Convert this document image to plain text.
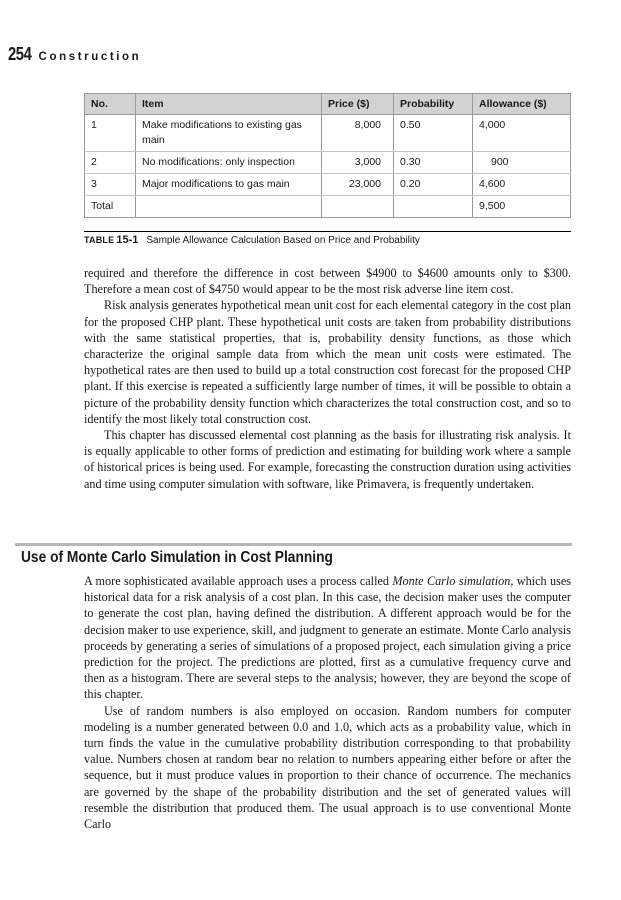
254 Construction
No.	Item	Price ($)	Probability	Allowance ($)
1	Make modifications to existing gas main	8,000	0.50	4,000
2	No modifications: only inspection	3,000	0.30	900
3	Major modifications to gas main	23,000	0.20	4,600
Total				9,500
TABLE 15-1 Sample Allowance Calculation Based on Price and Probability

required and therefore the difference in cost between $4900 to $4600 amounts only to $300. Therefore a mean cost of $4750 would appear to be the most risk adverse line item cost.

Risk analysis generates hypothetical mean unit cost for each elemental category in the cost plan for the proposed CHP plant. These hypothetical unit costs are taken from probability distributions with the same statistical properties, that is, probability density functions, as those which characterize the original sample data from which the mean unit costs were estimated. The hypothetical rates are then used to build up a total construction cost forecast for the proposed CHP plant. If this exercise is repeated a sufficiently large number of times, it will be possible to obtain a picture of the probability density function which characterizes the total construction cost, and so to identify the most likely total construction cost.

This chapter has discussed elemental cost planning as the basis for illustrating risk analysis. It is equally applicable to other forms of prediction and estimating for building work where a sample of historical prices is being used. For example, forecasting the construction duration using activities and time using computer simulation with software, like Primavera, is frequently undertaken.

Use of Monte Carlo Simulation in Cost Planning

A more sophisticated available approach uses a process called Monte Carlo simulation, which uses historical data for a risk analysis of a cost plan. In this case, the decision maker uses the computer to generate the cost plan, having defined the distribution. A different approach would be for the decision maker to use experience, skill, and judgment to generate an estimate. Monte Carlo analysis proceeds by generating a series of simulations of a proposed project, each simulation giving a price prediction for the project. The predictions are plotted, first as a cumulative frequency curve and then as a histogram. There are several steps to the analysis; however, they are beyond the scope of this chapter.

Use of random numbers is also employed on occasion. Random numbers for computer modeling is a number generated between 0.0 and 1.0, which acts as a probability value, which in turn finds the value in the cumulative probability distribution corresponding to that probability value. Numbers chosen at random bear no relation to numbers appearing either before or after the sequence, but it must produce values in proportion to their chance of occurrence. The mechanics are governed by the shape of the probability distribution and the set of generated values will resemble the distribution that produced them. The usual approach is to use conventional Monte Carlo
